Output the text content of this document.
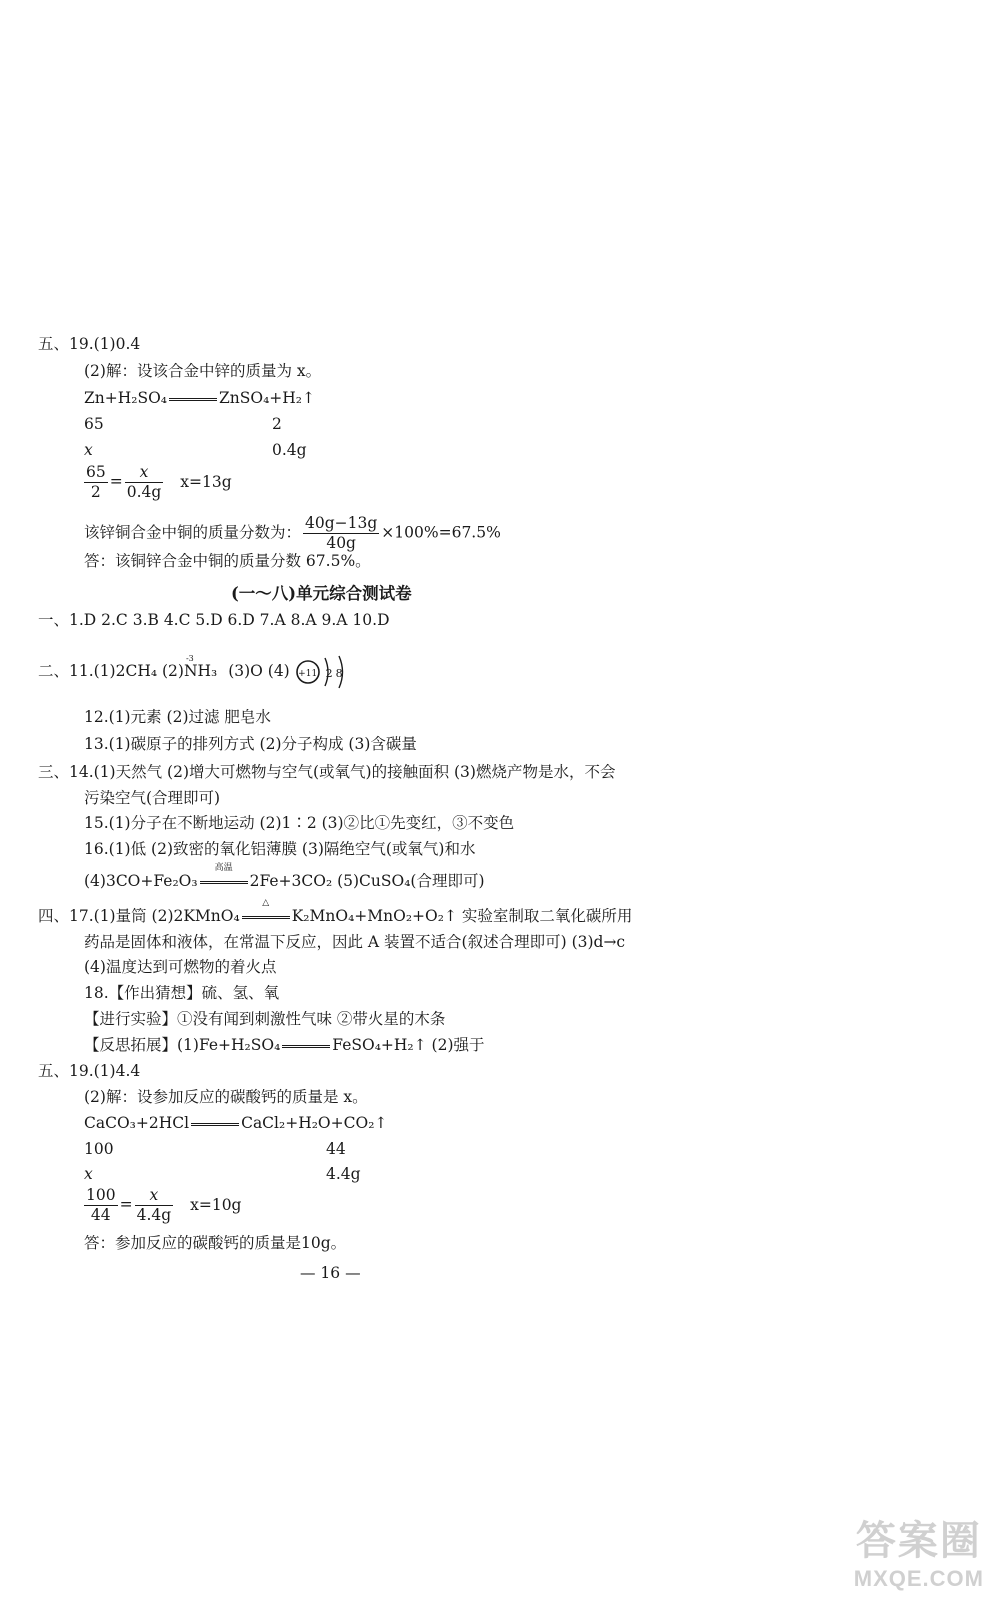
五、19.(1)0.4
(2)解：设该合金中锌的质量为 x。
Zn+H₂SO₄	ZnSO₄+H₂↑
65	2
x	0.4g
$\frac{65}{2} = \frac{x}{0.4g} x=13g$
该锌铜合金中铜的质量分数为： $\frac{40g-13g}{40g} \times 100\%=67.5\%$
答：该铜锌合金中铜的质量分数 67.5%。
(一～八)单元综合测试卷
一、1.D 2.C 3.B 4.C 5.D 6.D 7.A 8.A 9.A 10.D
二、11.(1)2CH₄ (2)NH₃
-3
(3)O (4) +11 2 8
12.(1)元素 (2)过滤 肥皂水
13.(1)碳原子的排列方式 (2)分子构成 (3)含碳量
三、14.(1)天然气 (2)增大可燃物与空气(或氧气)的接触面积 (3)燃烧产物是水，不会
污染空气(合理即可)
15.(1)分子在不断地运动 (2)1∶2 (3)②比①先变红，③不变色
16.(1)低 (2)致密的氧化铝薄膜 (3)隔绝空气(或氧气)和水
(4)3CO+Fe₂O₃
高温
2Fe+3CO₂ (5)CuSO₄(合理即可)
四、17.(1)量筒 (2)2KMnO₄
△
K₂MnO₄+MnO₂+O₂↑ 实验室制取二氧化碳所用
药品是固体和液体，在常温下反应，因此 A 装置不适合(叙述合理即可) (3)d→c
(4)温度达到可燃物的着火点
18.【作出猜想】硫、氢、氧
【进行实验】①没有闻到刺激性气味 ②带火星的木条
【反思拓展】(1)Fe+H₂SO₄	FeSO₄+H₂↑ (2)强于
五、19.(1)4.4
(2)解：设参加反应的碳酸钙的质量是 x。
CaCO₃+2HCl	CaCl₂+H₂O+CO₂↑
100	44
x	4.4g
$\frac{100}{44} = \frac{x}{4.4g} x=10g$
答：参加反应的碳酸钙的质量是10g。
— 16 —
答案圈
MXQE.COM
